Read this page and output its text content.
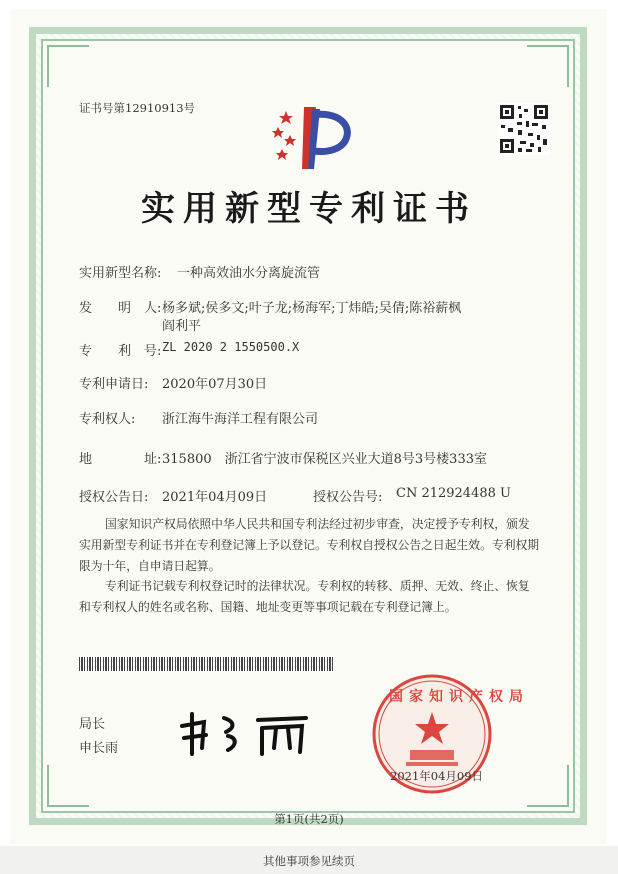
证书号第12910913号
实用新型专利证书
实用新型名称: 一种高效油水分离旋流管
发　　明　人: 杨多斌;侯多文;叶子龙;杨海军;丁炜皓;吴倩;陈裕薪枫
阎利平
专　　利　号: ZL 2020 2 1550500.X
专利申请日: 2020年07月30日
专利权人: 浙江海牛海洋工程有限公司
地　　　　址: 315800　浙江省宁波市保税区兴业大道8号3号楼333室
授权公告日: 2021年04月09日	授权公告号: CN 212924488 U
国家知识产权局依照中华人民共和国专利法经过初步审查，决定授予专利权，颁发实用新型专利证书并在专利登记簿上予以登记。专利权自授权公告之日起生效。专利权期限为十年，自申请日起算。
专利证书记载专利权登记时的法律状况。专利权的转移、质押、无效、终止、恢复和专利权人的姓名或名称、国籍、地址变更等事项记载在专利登记簿上。
局长
申长雨
国家知识产权局
2021年04月09日
第1页(共2页)
其他事项参见续页
